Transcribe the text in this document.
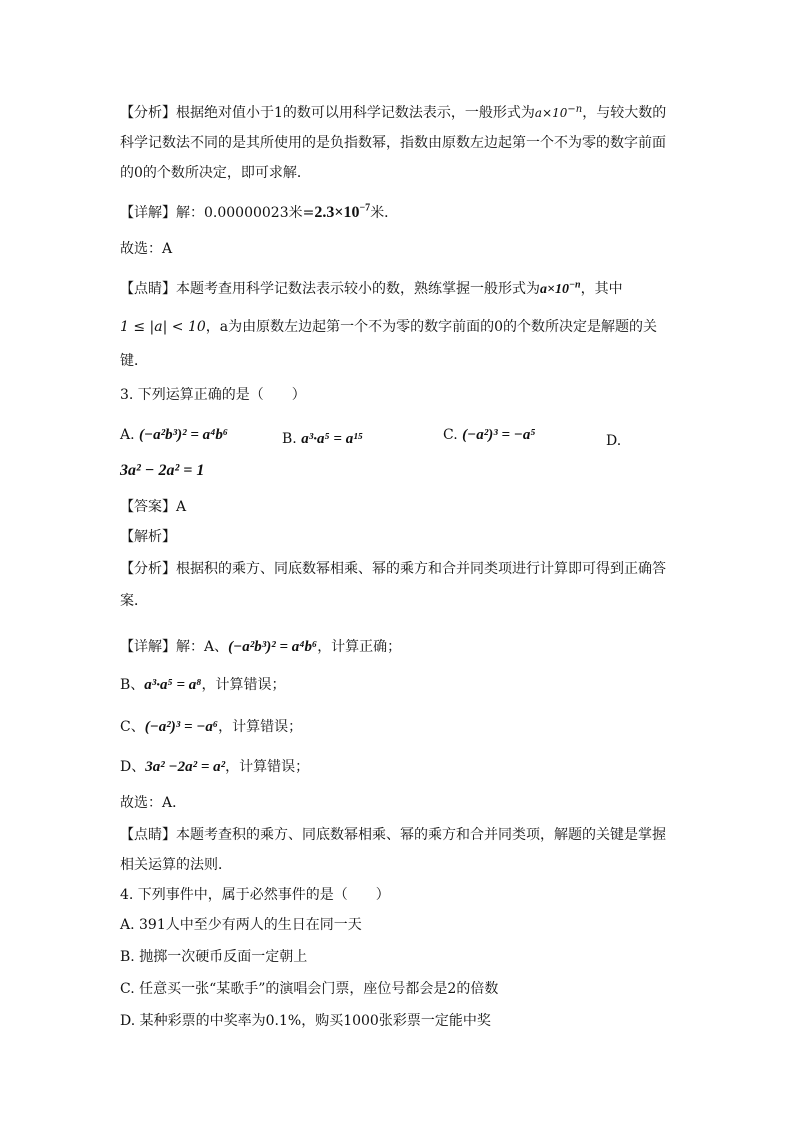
【分析】根据绝对值小于1的数可以用科学记数法表示，一般形式为$a\times 10^{-n}$，与较大数的
科学记数法不同的是其所使用的是负指数幂，指数由原数左边起第一个不为零的数字前面
的0的个数所决定，即可求解．
【详解】解：0.00000023米$=2.3\times 10^{-7}$米．
故选：A
【点睛】本题考查用科学记数法表示较小的数，熟练掌握一般形式为$a\times 10^{-n}$，其中
1 ≤ |a| < 10，a为由原数左边起第一个不为零的数字前面的0的个数所决定是解题的关
键．
3. 下列运算正确的是（　　）
A. (−a²b³)² = a⁴b⁶	B. a³·a⁵ = a¹⁵	C. (−a²)³ = −a⁵	D.
3a² − 2a² = 1
【答案】A
【解析】
【分析】根据积的乘方、同底数幂相乘、幂的乘方和合并同类项进行计算即可得到正确答
案．
【详解】解：A、(−a²b³)² = a⁴b⁶，计算正确；
B、a³·a⁵ = a⁸，计算错误；
C、(−a²)³ = −a⁶，计算错误；
D、3a² −2a² = a²，计算错误；
故选：A．
【点睛】本题考查积的乘方、同底数幂相乘、幂的乘方和合并同类项，解题的关键是掌握
相关运算的法则．
4. 下列事件中，属于必然事件的是（　　）
A. 391人中至少有两人的生日在同一天
B. 抛掷一次硬币反面一定朝上
C. 任意买一张“某歌手”的演唱会门票，座位号都会是2的倍数
D. 某种彩票的中奖率为0.1%，购买1000张彩票一定能中奖
